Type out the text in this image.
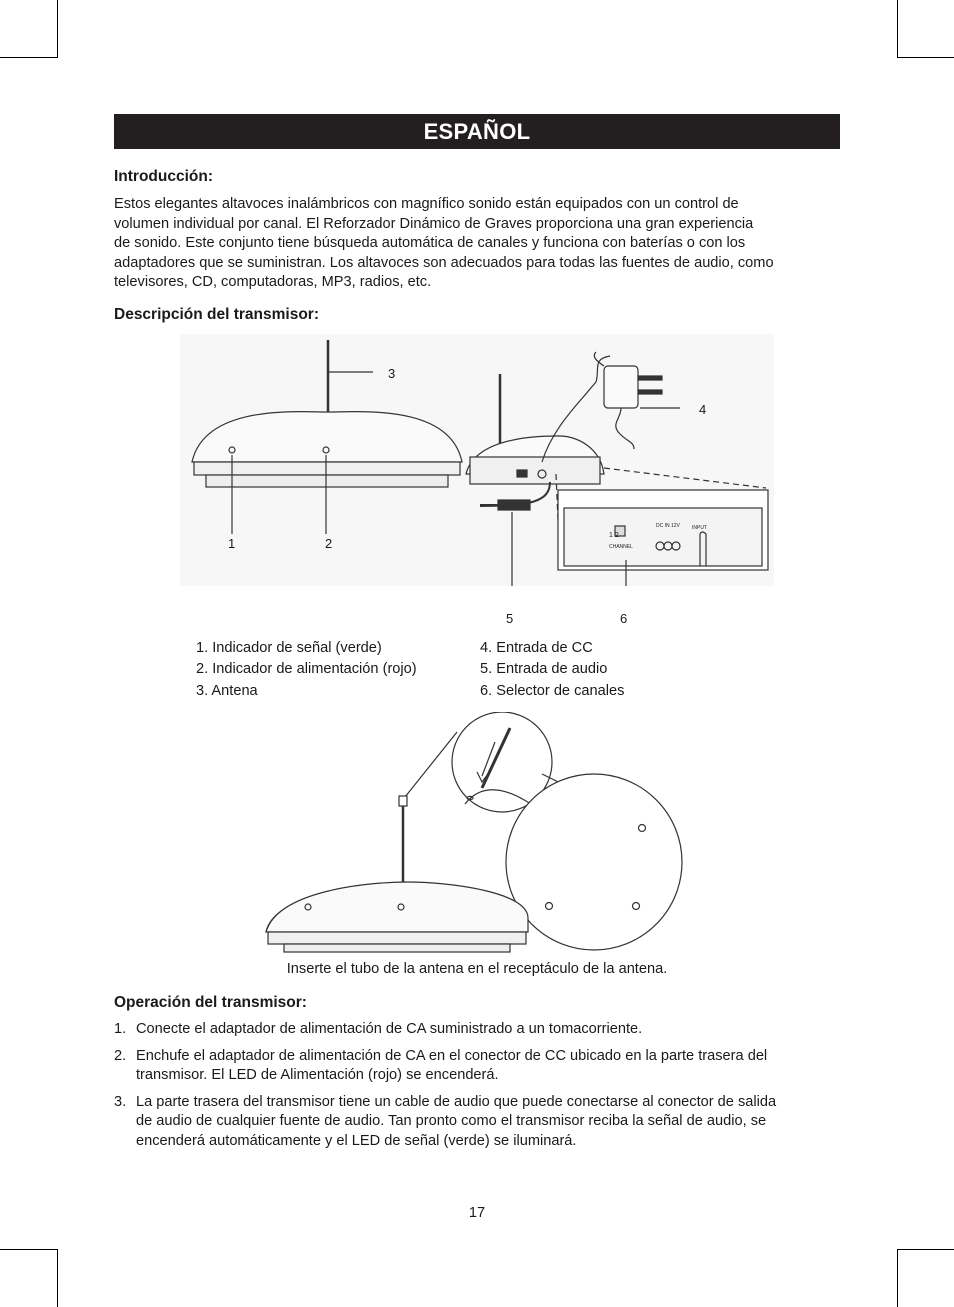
ESPAÑOL
Introducción:

Estos elegantes altavoces inalámbricos con magnífico sonido están equipados con un control de
volumen individual por canal. El Reforzador Dinámico de Graves proporciona una gran experiencia
de sonido. Este conjunto tiene búsqueda automática de canales y funciona con baterías o con los
adaptadores que se suministran. Los altavoces son adecuados para todas las fuentes de audio, como
televisores, CD, computadoras, MP3, radios, etc.

Descripción del transmisor:
1 2
CHANNEL
DC IN 12V INPUT
3
4
1	2
5	6
1. Indicador de señal (verde)
2. Indicador de alimentación (rojo)
3. Antena
4. Entrada de CC
5. Entrada de audio
6. Selector de canales
Inserte el tubo de la antena en el receptáculo de la antena.
Operación del transmisor:
1. Conecte el adaptador de alimentación de CA suministrado a un tomacorriente.
2. Enchufe el adaptador de alimentación de CA en el conector de CC ubicado en la parte trasera del
transmisor. El LED de Alimentación (rojo) se encenderá.
3. La parte trasera del transmisor tiene un cable de audio que puede conectarse al conector de salida
de audio de cualquier fuente de audio. Tan pronto como el transmisor reciba la señal de audio, se
encenderá automáticamente y el LED de señal (verde) se iluminará.
17
